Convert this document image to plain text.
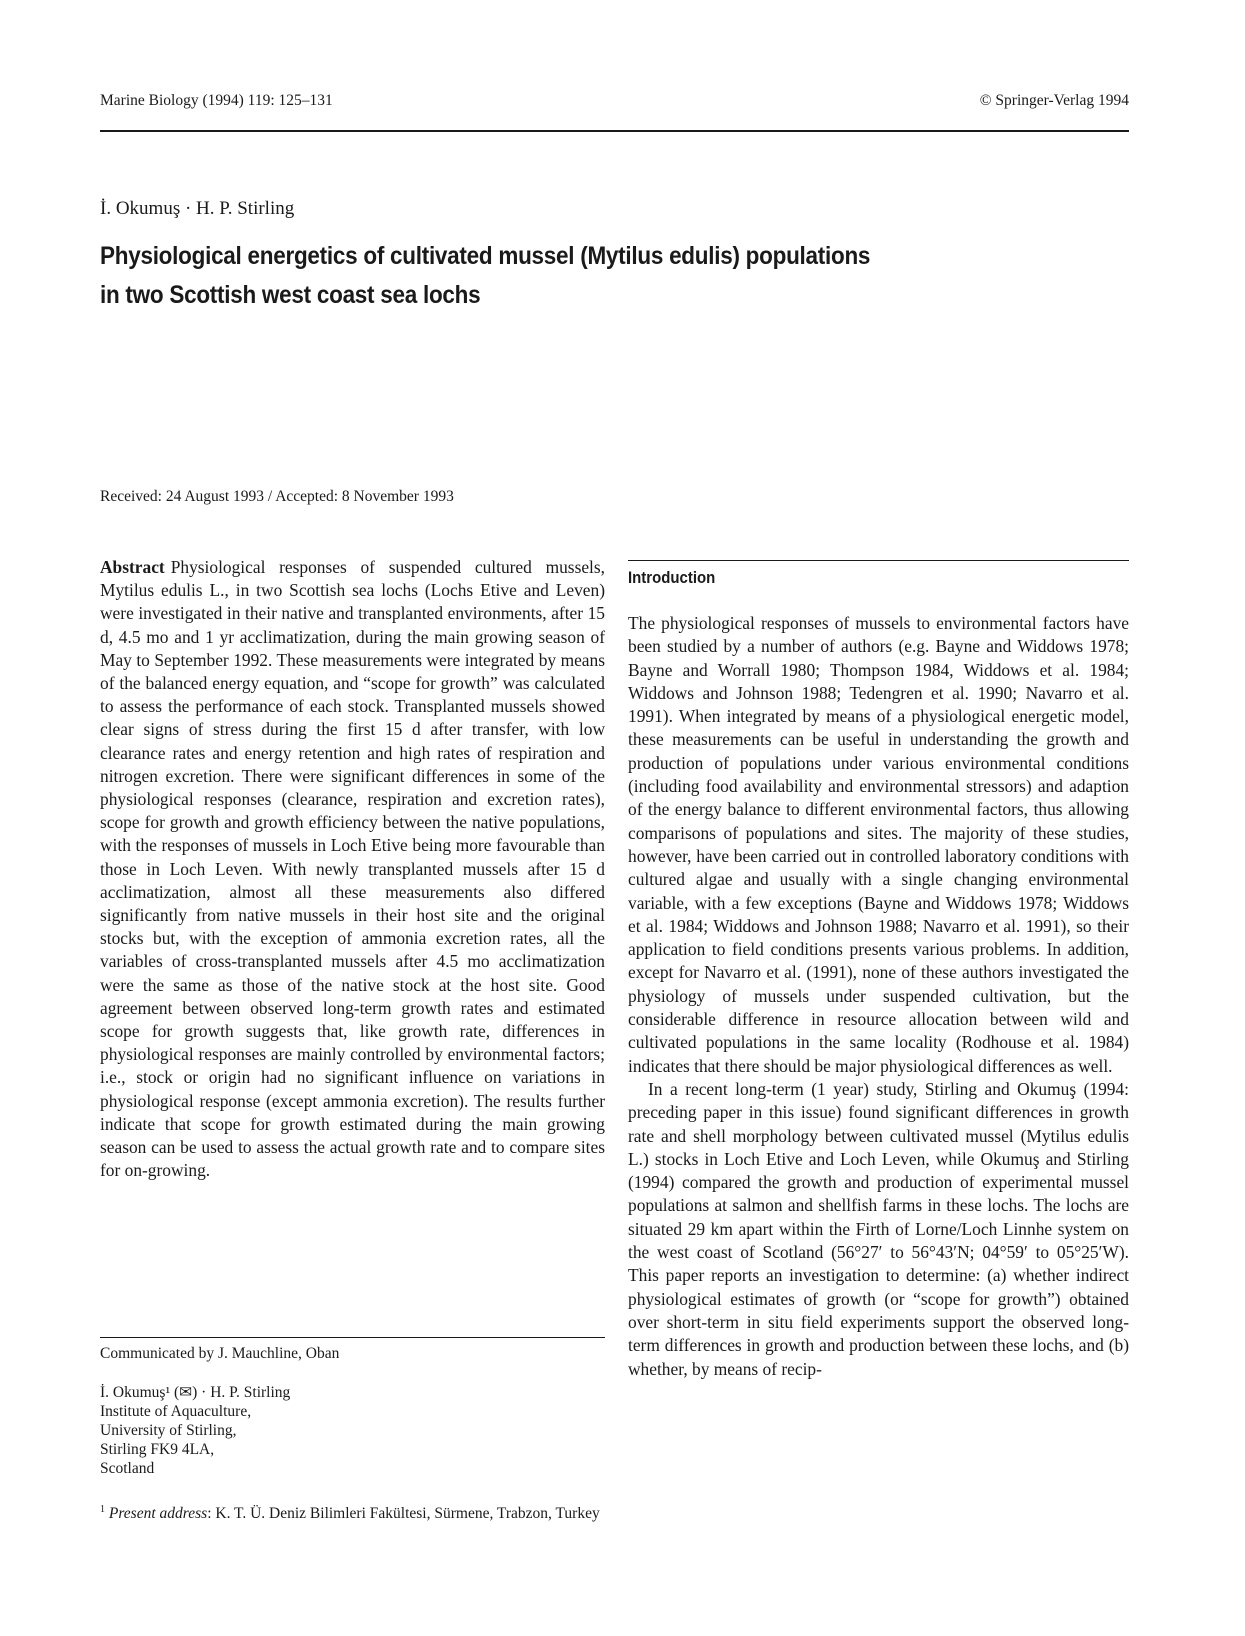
Marine Biology (1994) 119: 125–131	© Springer-Verlag 1994
İ. Okumuş · H. P. Stirling
Physiological energetics of cultivated mussel (Mytilus edulis) populations
in two Scottish west coast sea lochs
Received: 24 August 1993 / Accepted: 8 November 1993

Abstract Physiological responses of suspended cultured mussels, Mytilus edulis L., in two Scottish sea lochs (Lochs Etive and Leven) were investigated in their native and transplanted environments, after 15 d, 4.5 mo and 1 yr acclimatization, during the main growing season of May to September 1992. These measurements were integrated by means of the balanced energy equation, and “scope for growth” was calculated to assess the performance of each stock. Transplanted mussels showed clear signs of stress during the first 15 d after transfer, with low clearance rates and energy retention and high rates of respiration and nitrogen excretion. There were significant differences in some of the physiological responses (clearance, respiration and excretion rates), scope for growth and growth efficiency between the native populations, with the responses of mussels in Loch Etive being more favourable than those in Loch Leven. With newly transplanted mussels after 15 d acclimatization, almost all these measurements also differed significantly from native mussels in their host site and the original stocks but, with the exception of ammonia excretion rates, all the variables of cross-transplanted mussels after 4.5 mo acclimatization were the same as those of the native stock at the host site. Good agreement between observed long-term growth rates and estimated scope for growth suggests that, like growth rate, differences in physiological responses are mainly controlled by environmental factors; i.e., stock or origin had no significant influence on variations in physiological response (except ammonia excretion). The results further indicate that scope for growth estimated during the main growing season can be used to assess the actual growth rate and to compare sites for on-growing.

Communicated by J. Mauchline, Oban
İ. Okumuş¹ (✉) · H. P. Stirling
Institute of Aquaculture,
University of Stirling,
Stirling FK9 4LA,
Scotland
$^1$ Present address: K. T. Ü. Deniz Bilimleri Fakültesi, Sürmene, Trabzon, Turkey
Introduction

The physiological responses of mussels to environmental factors have been studied by a number of authors (e.g. Bayne and Widdows 1978; Bayne and Worrall 1980; Thompson 1984, Widdows et al. 1984; Widdows and Johnson 1988; Tedengren et al. 1990; Navarro et al. 1991). When integrated by means of a physiological energetic model, these measurements can be useful in understanding the growth and production of populations under various environmental conditions (including food availability and environmental stressors) and adaption of the energy balance to different environmental factors, thus allowing comparisons of populations and sites. The majority of these studies, however, have been carried out in controlled laboratory conditions with cultured algae and usually with a single changing environmental variable, with a few exceptions (Bayne and Widdows 1978; Widdows et al. 1984; Widdows and Johnson 1988; Navarro et al. 1991), so their application to field conditions presents various problems. In addition, except for Navarro et al. (1991), none of these authors investigated the physiology of mussels under suspended cultivation, but the considerable difference in resource allocation between wild and cultivated populations in the same locality (Rodhouse et al. 1984) indicates that there should be major physiological differences as well.

In a recent long-term (1 year) study, Stirling and Okumuş (1994: preceding paper in this issue) found significant differences in growth rate and shell morphology between cultivated mussel (Mytilus edulis L.) stocks in Loch Etive and Loch Leven, while Okumuş and Stirling (1994) compared the growth and production of experimental mussel populations at salmon and shellfish farms in these lochs. The lochs are situated 29 km apart within the Firth of Lorne/Loch Linnhe system on the west coast of Scotland (56°27′ to 56°43′N; 04°59′ to 05°25′W). This paper reports an investigation to determine: (a) whether indirect physiological estimates of growth (or “scope for growth”) obtained over short-term in situ field experiments support the observed long-term differences in growth and production between these lochs, and (b) whether, by means of recip-
